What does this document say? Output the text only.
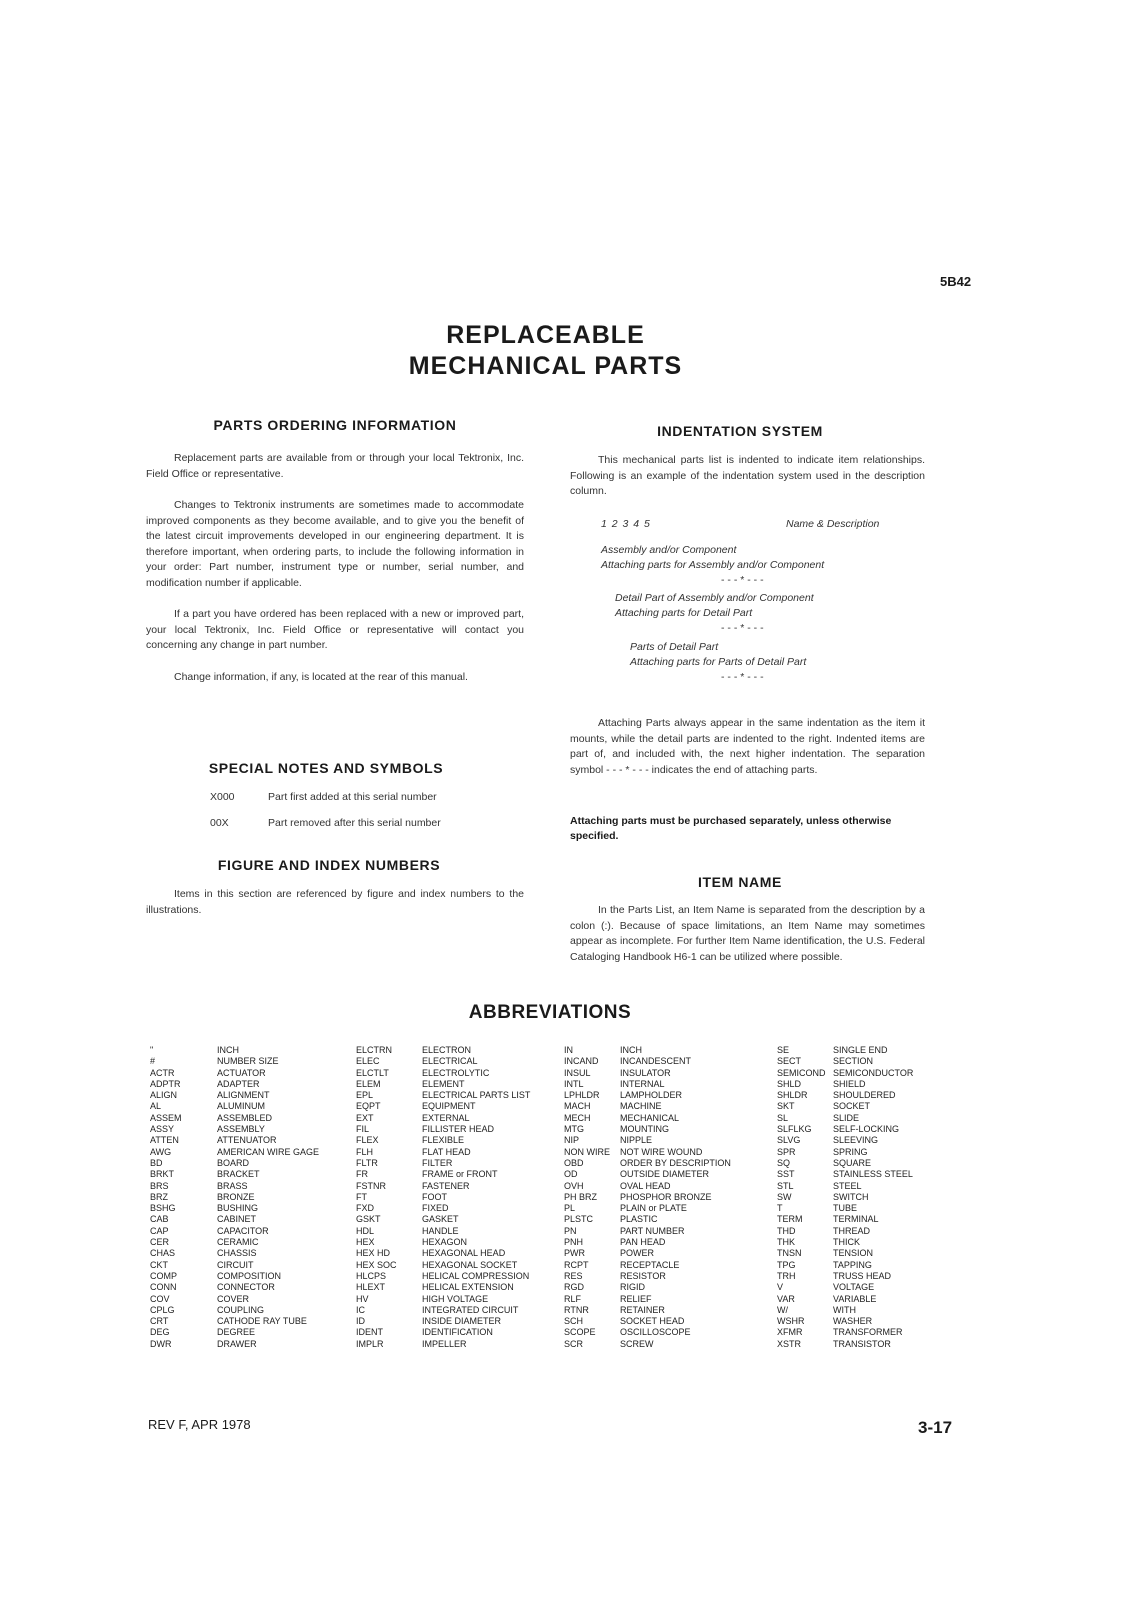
5B42
REPLACEABLE
MECHANICAL PARTS
PARTS ORDERING INFORMATION

Replacement parts are available from or through your local Tektronix, Inc. Field Office or representative.

Changes to Tektronix instruments are sometimes made to accommodate improved components as they become available, and to give you the benefit of the latest circuit improvements developed in our engineering department. It is therefore important, when ordering parts, to include the following information in your order: Part number, instrument type or number, serial number, and modification number if applicable.

If a part you have ordered has been replaced with a new or improved part, your local Tektronix, Inc. Field Office or representative will contact you concerning any change in part number.

Change information, if any, is located at the rear of this manual.

SPECIAL NOTES AND SYMBOLS
X000	Part first added at this serial number
00X	Part removed after this serial number
FIGURE AND INDEX NUMBERS

Items in this section are referenced by figure and index numbers to the illustrations.

INDENTATION SYSTEM

This mechanical parts list is indented to indicate item relationships. Following is an example of the indentation system used in the description column.

1 2 3 4 5	Name & Description
Assembly and/or Component
Attaching parts for Assembly and/or Component
- - - * - - -
Detail Part of Assembly and/or Component
Attaching parts for Detail Part
- - - * - - -
Parts of Detail Part
Attaching parts for Parts of Detail Part
- - - * - - -

Attaching Parts always appear in the same indentation as the item it mounts, while the detail parts are indented to the right. Indented items are part of, and included with, the next higher indentation. The separation symbol - - - * - - - indicates the end of attaching parts.

Attaching parts must be purchased separately, unless otherwise specified.
ITEM NAME

In the Parts List, an Item Name is separated from the description by a colon (:). Because of space limitations, an Item Name may sometimes appear as incomplete. For further Item Name identification, the U.S. Federal Cataloging Handbook H6-1 can be utilized where possible.

ABBREVIATIONS
"	INCH
#	NUMBER SIZE
ACTR	ACTUATOR
ADPTR	ADAPTER
ALIGN	ALIGNMENT
AL	ALUMINUM
ASSEM	ASSEMBLED
ASSY	ASSEMBLY
ATTEN	ATTENUATOR
AWG	AMERICAN WIRE GAGE
BD	BOARD
BRKT	BRACKET
BRS	BRASS
BRZ	BRONZE
BSHG	BUSHING
CAB	CABINET
CAP	CAPACITOR
CER	CERAMIC
CHAS	CHASSIS
CKT	CIRCUIT
COMP	COMPOSITION
CONN	CONNECTOR
COV	COVER
CPLG	COUPLING
CRT	CATHODE RAY TUBE
DEG	DEGREE
DWR	DRAWER
ELCTRN	ELECTRON
ELEC	ELECTRICAL
ELCTLT	ELECTROLYTIC
ELEM	ELEMENT
EPL	ELECTRICAL PARTS LIST
EQPT	EQUIPMENT
EXT	EXTERNAL
FIL	FILLISTER HEAD
FLEX	FLEXIBLE
FLH	FLAT HEAD
FLTR	FILTER
FR	FRAME or FRONT
FSTNR	FASTENER
FT	FOOT
FXD	FIXED
GSKT	GASKET
HDL	HANDLE
HEX	HEXAGON
HEX HD	HEXAGONAL HEAD
HEX SOC	HEXAGONAL SOCKET
HLCPS	HELICAL COMPRESSION
HLEXT	HELICAL EXTENSION
HV	HIGH VOLTAGE
IC	INTEGRATED CIRCUIT
ID	INSIDE DIAMETER
IDENT	IDENTIFICATION
IMPLR	IMPELLER
IN	INCH
INCAND INCANDESCENT
INSUL	INSULATOR
INTL	INTERNAL
LPHLDR LAMPHOLDER
MACH	MACHINE
MECH	MECHANICAL
MTG	MOUNTING
NIP	NIPPLE
NON WIRE NOT WIRE WOUND
OBD	ORDER BY DESCRIPTION
OD	OUTSIDE DIAMETER
OVH	OVAL HEAD
PH BRZ	PHOSPHOR BRONZE
PL	PLAIN or PLATE
PLSTC	PLASTIC
PN	PART NUMBER
PNH	PAN HEAD
PWR	POWER
RCPT	RECEPTACLE
RES	RESISTOR
RGD	RIGID
RLF	RELIEF
RTNR	RETAINER
SCH	SOCKET HEAD
SCOPE	OSCILLOSCOPE
SCR	SCREW
SE	SINGLE END
SECT	SECTION
SEMICOND SEMICONDUCTOR
SHLD	SHIELD
SHLDR	SHOULDERED
SKT	SOCKET
SL	SLIDE
SLFLKG SELF-LOCKING
SLVG	SLEEVING
SPR	SPRING
SQ	SQUARE
SST	STAINLESS STEEL
STL	STEEL
SW	SWITCH
T	TUBE
TERM	TERMINAL
THD	THREAD
THK	THICK
TNSN	TENSION
TPG	TAPPING
TRH	TRUSS HEAD
V	VOLTAGE
VAR	VARIABLE
W/	WITH
WSHR	WASHER
XFMR	TRANSFORMER
XSTR	TRANSISTOR
REV F, APR 1978	3-17
